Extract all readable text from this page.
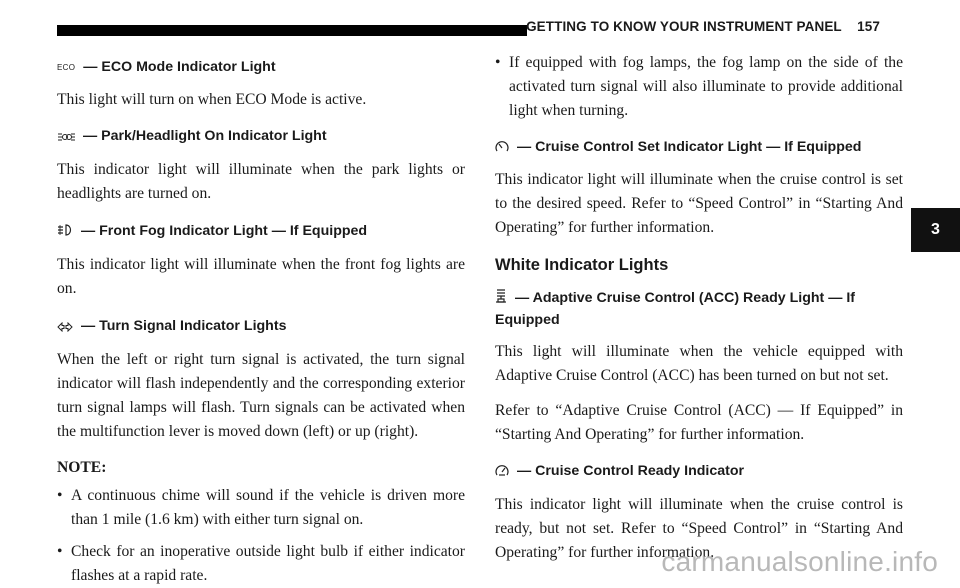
GETTING TO KNOW YOUR INSTRUMENT PANEL 157
ECO — ECO Mode Indicator Light

This light will turn on when ECO Mode is active.

— Park/Headlight On Indicator Light

This indicator light will illuminate when the park lights or headlights are turned on.

— Front Fog Indicator Light — If Equipped

This indicator light will illuminate when the front fog lights are on.

— Turn Signal Indicator Lights

When the left or right turn signal is activated, the turn signal indicator will flash independently and the corresponding exterior turn signal lamps will flash. Turn signals can be activated when the multifunction lever is moved down (left) or up (right).

NOTE:

• A continuous chime will sound if the vehicle is driven more than 1 mile (1.6 km) with either turn signal on.

• Check for an inoperative outside light bulb if either indicator flashes at a rapid rate.

• If equipped with fog lamps, the fog lamp on the side of the activated turn signal will also illuminate to provide additional light when turning.

— Cruise Control Set Indicator Light — If Equipped

This indicator light will illuminate when the cruise control is set to the desired speed. Refer to “Speed Control” in “Starting And Operating” for further information.

White Indicator Lights

— Adaptive Cruise Control (ACC) Ready Light — If Equipped

This light will illuminate when the vehicle equipped with Adaptive Cruise Control (ACC) has been turned on but not set.

Refer to “Adaptive Cruise Control (ACC) — If Equipped” in “Starting And Operating” for further information.

— Cruise Control Ready Indicator

This indicator light will illuminate when the cruise control is ready, but not set. Refer to “Speed Control” in “Starting And Operating” for further information.

3
carmanualsonline.info
